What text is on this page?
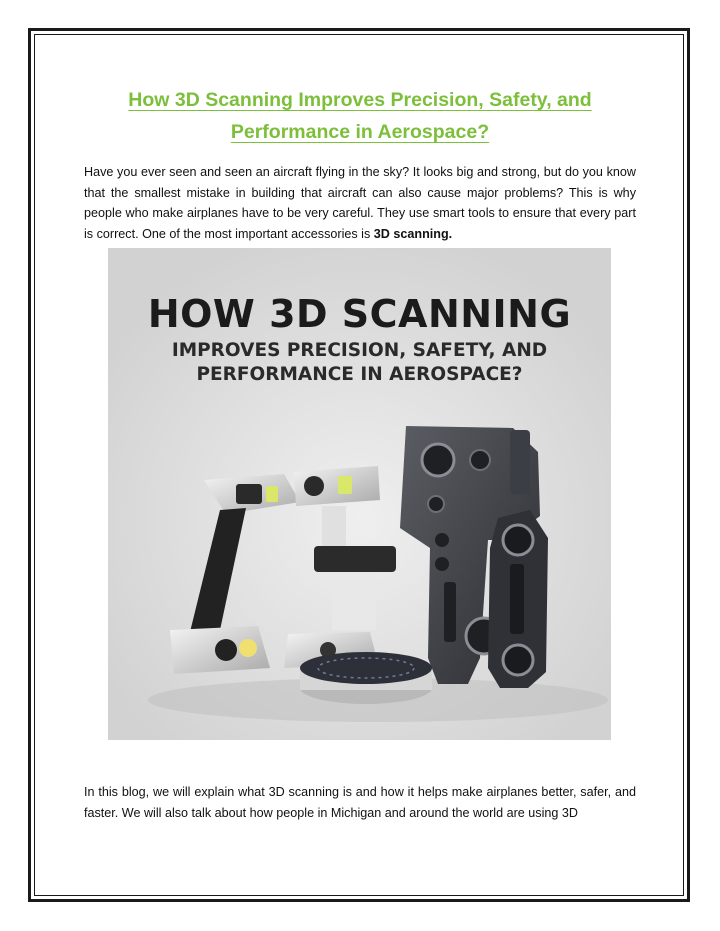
How 3D Scanning Improves Precision, Safety, and
Performance in Aerospace?

Have you ever seen and seen an aircraft flying in the sky? It looks big and strong, but do you know that the smallest mistake in building that aircraft can also cause major problems? This is why people who make airplanes have to be very careful. They use smart tools to ensure that every part is correct. One of the most important accessories is 3D scanning.

HOW 3D SCANNING
IMPROVES PRECISION, SAFETY, AND
PERFORMANCE IN AEROSPACE?

In this blog, we will explain what 3D scanning is and how it helps make airplanes better, safer, and faster. We will also talk about how people in Michigan and around the world are using 3D
